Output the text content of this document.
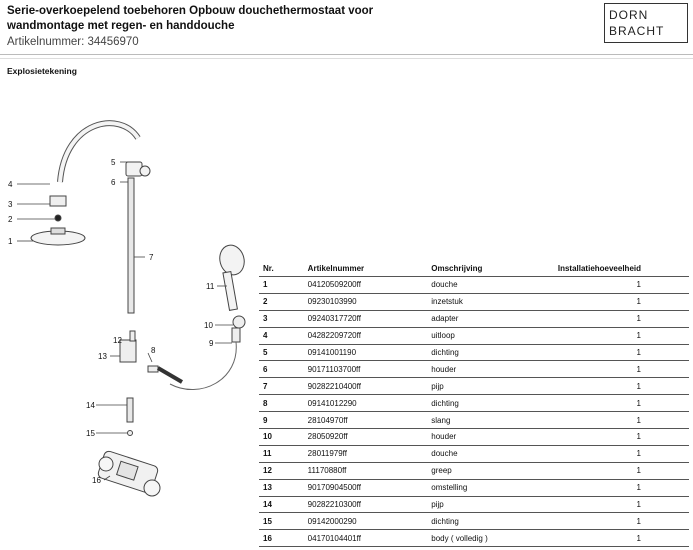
Serie-overkoepelend toebehoren Opbouw douchethermostaat voor
wandmontage met regen- en handdouche
Artikelnummer: 34456970
DORN
BRACHT
Explosietekening
4
3
2
1
5
6
7
8
9
10
11
12
13
14
15
16
Nr.	Artikelnummer	Omschrijving	Installatiehoeveelheid
1	04120509200ff	douche	1
2	09230103990	inzetstuk	1
3	09240317720ff	adapter	1
4	04282209720ff	uitloop	1
5	09141001190	dichting	1
6	90171103700ff	houder	1
7	90282210400ff	pijp	1
8	09141012290	dichting	1
9	28104970ff	slang	1
10	28050920ff	houder	1
11	28011979ff	douche	1
12	11170880ff	greep	1
13	90170904500ff	omstelling	1
14	90282210300ff	pijp	1
15	09142000290	dichting	1
16	04170104401ff	body ( volledig )	1
